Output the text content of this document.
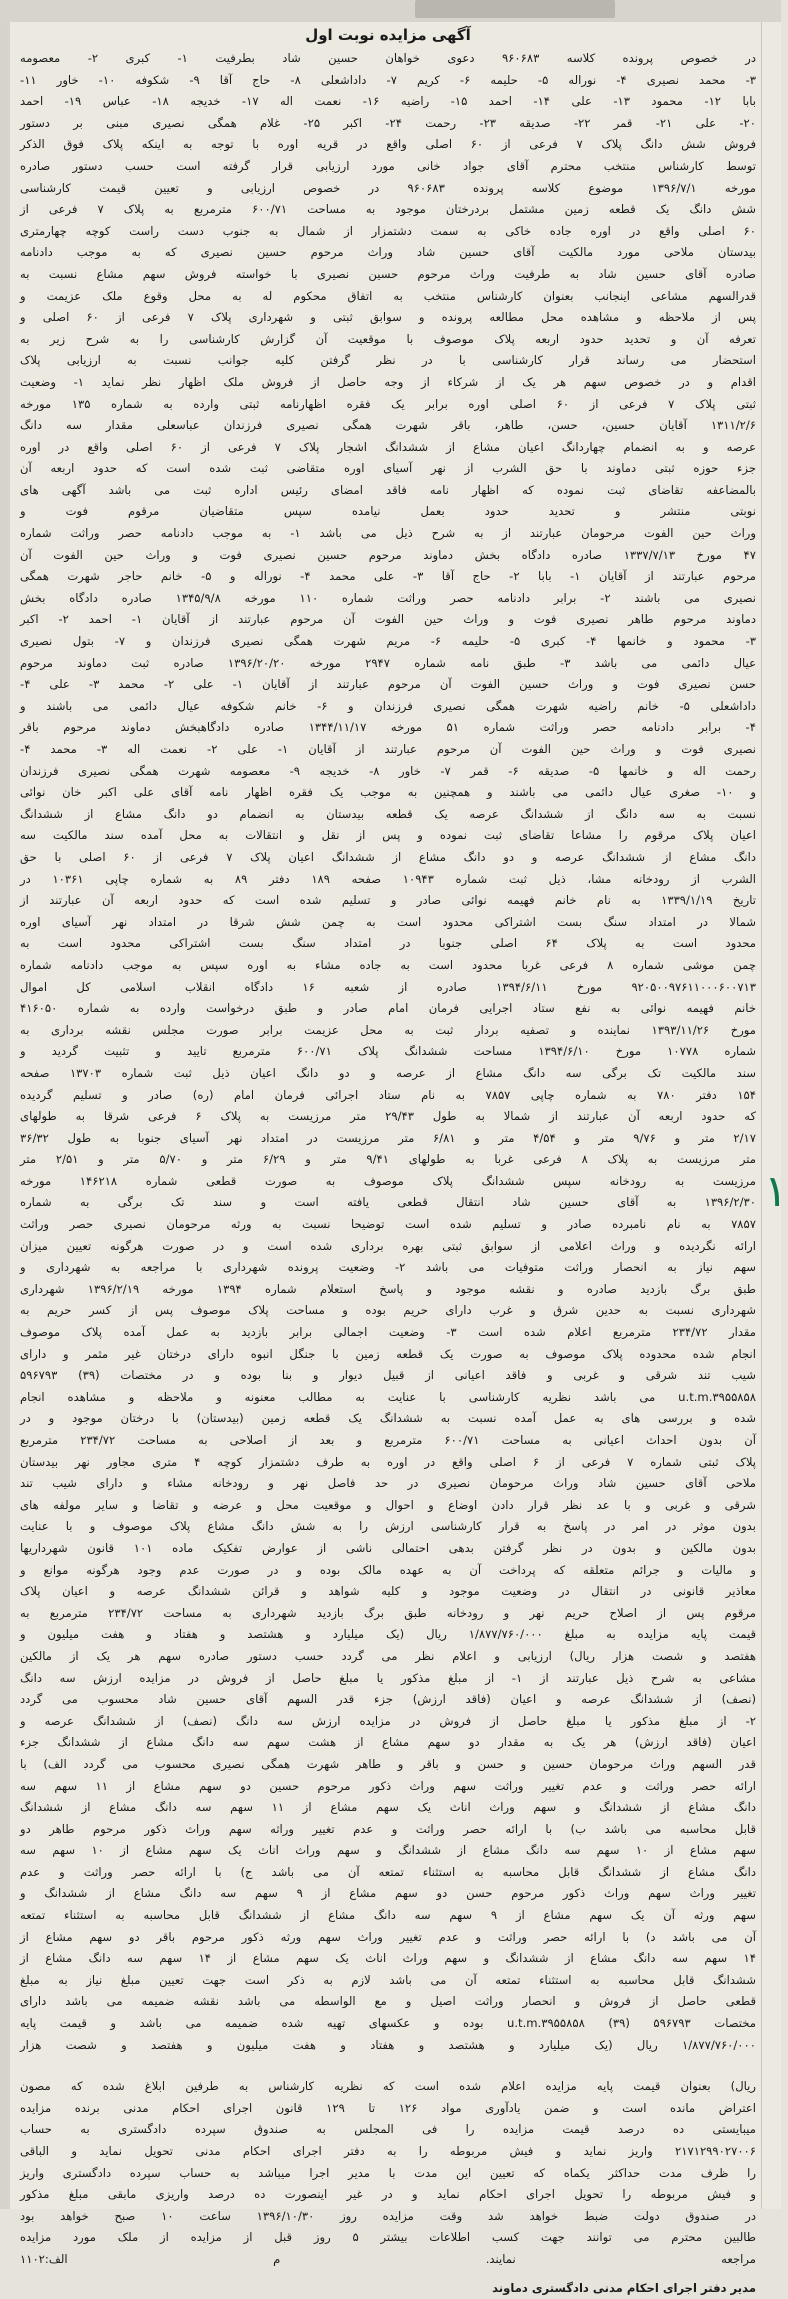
۱
آگهی مزایده نوبت اول
در خصوص پرونده کلاسه ۹۶۰۶۸۳ دعوی خواهان حسین شاد بطرفیت ۱- کبری ۲- معصومه
۳- محمد نصیری ۴- نوراله ۵- حلیمه ۶- کریم ۷- داداشعلی ۸- حاج آقا ۹- شکوفه ۱۰- خاور ۱۱-
بابا ۱۲- محمود ۱۳- علی ۱۴- احمد ۱۵- راضیه ۱۶- نعمت اله ۱۷- خدیجه ۱۸- عباس ۱۹- احمد
۲۰- علی ۲۱- قمر ۲۲- صدیقه ۲۳- رحمت ۲۴- اکبر ۲۵- غلام همگی نصیری مبنی بر دستور
فروش شش دانگ پلاک ۷ فرعی از ۶۰ اصلی واقع در قریه اوره با توجه به اینکه پلاک فوق الذکر
توسط کارشناس منتخب محترم آقای جواد خانی مورد ارزیابی قرار گرفته است حسب دستور صادره
مورخه ۱۳۹۶/۷/۱ موضوع کلاسه پرونده ۹۶۰۶۸۳ در خصوص ارزیابی و تعیین قیمت کارشناسی
شش دانگ یک قطعه زمین مشتمل بردرختان موجود به مساحت ۶۰۰/۷۱ مترمربع به پلاک ۷ فرعی از
۶۰ اصلی واقع در اوره جاده خاکی به سمت دشتمزار از شمال به جنوب دست راست کوچه چهارمتری
بیدستان ملاحی مورد مالکیت آقای حسین شاد وراث مرحوم حسین نصیری که به موجب دادنامه
صادره آقای حسین شاد به طرفیت وراث مرحوم حسین نصیری با خواسته فروش سهم مشاع نسبت به
قدرالسهم مشاعی اینجانب بعنوان کارشناس منتخب به اتفاق محکوم له به محل وقوع ملک عزیمت و
پس از ملاحظه و مشاهده محل مطالعه پرونده و سوابق ثبتی و شهرداری پلاک ۷ فرعی از ۶۰ اصلی و
تعرفه آن و تحدید حدود اربعه پلاک موصوف با موقعیت آن گزارش کارشناسی را به شرح زیر به
استحضار می رساند قرار کارشناسی با در نظر گرفتن کلیه جوانب نسبت به ارزیابی پلاک
اقدام و در خصوص سهم هر یک از شرکاء از وجه حاصل از فروش ملک اظهار نظر نماید ۱- وضعیت
ثبتی پلاک ۷ فرعی از ۶۰ اصلی اوره برابر یک فقره اظهارنامه ثبتی وارده به شماره ۱۳۵ مورخه
۱۳۱۱/۲/۶ آقایان حسین، حسن، طاهر، باقر شهرت همگی نصیری فرزندان عباسعلی مقدار سه دانگ
عرصه و به انضمام چهاردانگ اعیان مشاع از ششدانگ اشجار پلاک ۷ فرعی از ۶۰ اصلی واقع در اوره
جزء حوزه ثبتی دماوند با حق الشرب از نهر آسیای اوره متقاضی ثبت شده است که حدود اربعه آن
بالمضاعفه تقاضای ثبت نموده که اظهار نامه فاقد امضای رئیس اداره ثبت می باشد آگهی های
نوبتی منتشر و تحدید حدود بعمل نیامده سپس متقاضیان مرقوم فوت و
وراث حین الفوت مرحومان عبارتند از به شرح ذیل می باشد ۱- به موجب دادنامه حصر وراثت شماره
۴۷ مورخ ۱۳۳۷/۷/۱۳ صادره دادگاه بخش دماوند مرحوم حسین نصیری فوت و وراث حین الفوت آن
مرحوم عبارتند از آقایان ۱- بابا ۲- حاج آقا ۳- علی محمد ۴- نوراله و ۵- خانم حاجر شهرت همگی
نصیری می باشند ۲- برابر دادنامه حصر وراثت شماره ۱۱۰ مورخه ۱۳۴۵/۹/۸ صادره دادگاه بخش
دماوند مرحوم طاهر نصیری فوت و وراث حین الفوت آن مرحوم عبارتند از آقایان ۱- احمد ۲- اکبر
۳- محمود و خانمها ۴- کبری ۵- حلیمه ۶- مریم شهرت همگی نصیری فرزندان و ۷- بتول نصیری
عیال دائمی می باشد ۳- طبق نامه شماره ۲۹۴۷ مورخه ۱۳۹۶/۲۰/۲۰ صادره ثبت دماوند مرحوم
حسن نصیری فوت و وراث حسین الفوت آن مرحوم عبارتند از آقایان ۱- علی ۲- محمد ۳- علی ۴-
داداشعلی ۵- خانم راضیه شهرت همگی نصیری فرزندان و ۶- خانم شکوفه عیال دائمی می باشند و
۴- برابر دادنامه حصر وراثت شماره ۵۱ مورخه ۱۳۴۴/۱۱/۱۷ صادره دادگاهبخش دماوند مرحوم باقر
نصیری فوت و وراث حین الفوت آن مرحوم عبارتند از آقایان ۱- علی ۲- نعمت اله ۳- محمد ۴-
رحمت اله و خانمها ۵- صدیقه ۶- قمر ۷- خاور ۸- خدیجه ۹- معصومه شهرت همگی نصیری فرزندان
و ۱۰- صغری عیال دائمی می باشند و همچنین به موجب یک فقره اظهار نامه آقای علی اکبر خان نوائی
نسبت به سه دانگ از ششدانگ عرصه یک قطعه بیدستان به انضمام دو دانگ مشاع از ششدانگ
اعیان پلاک مرقوم را مشاعا تقاضای ثبت نموده و پس از نقل و انتقالات به محل آمده سند مالکیت سه
دانگ مشاع از ششدانگ عرصه و دو دانگ مشاع از ششدانگ اعیان پلاک ۷ فرعی از ۶۰ اصلی با حق
الشرب از رودخانه مشا، ذیل ثبت شماره ۱۰۹۴۳ صفحه ۱۸۹ دفتر ۸۹ به شماره چاپی ۱۰۳۶۱ در
تاریخ ۱۳۳۹/۱/۱۹ به نام خانم فهیمه نوائی صادر و تسلیم شده است که حدود اربعه آن عبارتند از
شمالا در امتداد سنگ بست اشتراکی محدود است به چمن شش شرقا در امتداد نهر آسیای اوره
محدود است به پلاک ۶۴ اصلی جنوبا در امتداد سنگ بست اشتراکی محدود است به
چمن موشی شماره ۸ فرعی غربا محدود است به جاده مشاء به اوره سپس به موجب دادنامه شماره
۹۲۰۵۰۰۹۷۶۱۱۰۰۰۶۰۰۷۱۳ مورخ ۱۳۹۴/۶/۱۱ صادره از شعبه ۱۶ دادگاه انقلاب اسلامی کل اموال
خانم فهیمه نوائی به نفع ستاد اجرایی فرمان امام صادر و طبق درخواست وارده به شماره ۴۱۶۰۵۰
مورخ ۱۳۹۳/۱۱/۲۶ نماینده و تصفیه بردار ثبت به محل عزیمت برابر صورت مجلس نقشه برداری به
شماره ۱۰۷۷۸ مورخ ۱۳۹۴/۶/۱۰ مساحت ششدانگ پلاک ۶۰۰/۷۱ مترمربع تایید و تثبیت گردید و
سند مالکیت تک برگی سه دانگ مشاع از عرصه و دو دانگ اعیان ذیل ثبت شماره ۱۳۷۰۳ صفحه
۱۵۴ دفتر ۷۸۰ به شماره چاپی ۷۸۵۷ به نام ستاد اجرائی فرمان امام (ره) صادر و تسلیم گردیده
که حدود اربعه آن عبارتند از شمالا به طول ۲۹/۴۳ متر مرزیست به پلاک ۶ فرعی شرقا به طولهای
۲/۱۷ متر و ۹/۷۶ متر و ۴/۵۴ متر و ۶/۸۱ متر مرزیست در امتداد نهر آسیای جنوبا به طول ۳۶/۳۲
متر مرزیست به پلاک ۸ فرعی غربا به طولهای ۹/۴۱ متر و ۶/۲۹ متر و ۵/۷۰ متر و ۲/۵۱ متر
مرزیست به رودخانه سپس ششدانگ پلاک موصوف به صورت قطعی شماره ۱۴۶۲۱۸ مورخه
۱۳۹۶/۲/۳۰ به آقای حسین شاد انتقال قطعی یافته است و سند تک برگی به شماره
۷۸۵۷ به نام نامبرده صادر و تسلیم شده است توضیحا نسبت به ورثه مرحومان نصیری حصر وراثت
ارائه نگردیده و وراث اعلامی از سوابق ثبتی بهره برداری شده است و در صورت هرگونه تعیین میزان
سهم نیاز به انحصار وراثت متوفیات می باشد ۲- وضعیت پرونده شهرداری با مراجعه به شهرداری و
طبق برگ بازدید صادره و نقشه موجود و پاسخ استعلام شماره ۱۳۹۴ مورخه ۱۳۹۶/۲/۱۹ شهرداری
شهرداری نسبت به حدین شرق و غرب دارای حریم بوده و مساحت پلاک موصوف پس از کسر حریم به
مقدار ۲۳۴/۷۲ مترمربع اعلام شده است ۳- وضعیت اجمالی برابر بازدید به عمل آمده پلاک موصوف
انجام شده محدوده پلاک موصوف به صورت یک قطعه زمین با جنگل انبوه دارای درختان غیر مثمر و دارای
شیب تند شرقی و غربی و فاقد اعیانی از قبیل دیوار و بنا بوده و در مختصات (۳۹) ۵۹۶۷۹۳
u.t.m.۳۹۵۵۸۵۸ می باشد نظریه کارشناسی با عنایت به مطالب معنونه و ملاحظه و مشاهده انجام
شده و بررسی های به عمل آمده نسبت به ششدانگ یک قطعه زمین (بیدستان) با درختان موجود و در
آن بدون احداث اعیانی به مساحت ۶۰۰/۷۱ مترمربع و بعد از اصلاحی به مساحت ۲۳۴/۷۲ مترمربع
پلاک ثبتی شماره ۷ فرعی از ۶ اصلی واقع در اوره به طرف دشتمزار کوچه ۴ متری مجاور نهر بیدستان
ملاحی آقای حسین شاد وراث مرحومان نصیری در حد فاصل نهر و رودخانه مشاء و دارای شیب تند
شرقی و غربی و با عد نظر قرار دادن اوضاع و احوال و موقعیت محل و عرضه و تقاضا و سایر مولفه های
بدون موثر در امر در پاسخ به قرار کارشناسی ارزش را به شش دانگ مشاع پلاک موصوف و با عنایت
بدون مالکین و بدون در نظر گرفتن بدهی احتمالی ناشی از عوارض تفکیک ماده ۱۰۱ قانون شهرداریها
و مالیات و جرائم متعلقه که پرداخت آن به عهده مالک بوده و در صورت عدم وجود هرگونه موانع و
معاذیر قانونی در انتقال در وضعیت موجود و کلیه شواهد و قرائن ششدانگ عرصه و اعیان پلاک
مرقوم پس از اصلاح حریم نهر و رودخانه طبق برگ بازدید شهرداری به مساحت ۲۳۴/۷۲ مترمربع به
قیمت پایه مزایده به مبلغ ۱/۸۷۷/۷۶۰/۰۰۰ ریال (یک میلیارد و هشتصد و هفتاد و هفت میلیون و
هفتصد و شصت هزار ریال) ارزیابی و اعلام نظر می گردد حسب دستور صادره سهم هر یک از مالکین
مشاعی به شرح ذیل عبارتند از ۱- از مبلغ مذکور یا مبلغ حاصل از فروش در مزایده ارزش سه دانگ
(نصف) از ششدانگ عرصه و اعیان (فاقد ارزش) جزء قدر السهم آقای حسین شاد محسوب می گردد
۲- از مبلغ مذکور یا مبلغ حاصل از فروش در مزایده ارزش سه دانگ (نصف) از ششدانگ عرصه و
اعیان (فاقد ارزش) هر یک به مقدار دو سهم مشاع از هشت سهم سه دانگ مشاع از ششدانگ جزء
قدر السهم وراث مرحومان حسین و حسن و باقر و طاهر شهرت همگی نصیری محسوب می گردد الف) با
ارائه حصر وراثت و عدم تغییر وراثت سهم وراث ذکور مرحوم حسین دو سهم مشاع از ۱۱ سهم سه
دانگ مشاع از ششدانگ و سهم وراث اناث یک سهم مشاع از ۱۱ سهم سه دانگ مشاع از ششدانگ
قابل محاسبه می باشد ب) با ارائه حصر وراثت و عدم تغییر وراثه سهم وراث ذکور مرحوم طاهر دو
سهم مشاع از ۱۰ سهم سه دانگ مشاع از ششدانگ و سهم وراث اناث یک سهم مشاع از ۱۰ سهم سه
دانگ مشاع از ششدانگ قابل محاسبه به استثناء تمتعه آن می باشد ج) با ارائه حصر وراثت و عدم
تغییر وراث سهم وراث ذکور مرحوم حسن دو سهم مشاع از ۹ سهم سه دانگ مشاع از ششدانگ و
سهم ورثه آن یک سهم مشاع از ۹ سهم سه دانگ مشاع از ششدانگ قابل محاسبه به استثناء تمتعه
آن می باشد د) با ارائه حصر وراثت و عدم تغییر وراث سهم ورثه ذکور مرحوم باقر دو سهم مشاع از
۱۴ سهم سه دانگ مشاع از ششدانگ و سهم وراث اناث یک سهم مشاع از ۱۴ سهم سه دانگ مشاع از
ششدانگ قابل محاسبه به استثناء تمتعه آن می باشد لازم به ذکر است جهت تعیین مبلغ نیاز به مبلغ
قطعی حاصل از فروش و انحصار وراثت اصیل و مع الواسطه می باشد نقشه ضمیمه می باشد دارای
مختصات u.t.m.۳۹۵۵۸۵۸ (۳۹) ۵۹۶۷۹۳ بوده و عکسهای تهیه شده ضمیمه می باشد و قیمت پایه
۱/۸۷۷/۷۶۰/۰۰۰ ریال (یک میلیارد و هشتصد و هفتاد و هفت میلیون و هفتصد و شصت هزار
ریال) بعنوان قیمت پایه مزایده اعلام شده است که نظریه کارشناس به طرفین ابلاغ شده که مصون
اعتراض مانده است و ضمن یادآوری مواد ۱۲۶ تا ۱۲۹ قانون اجرای احکام مدنی برنده مزایده
میبایستی ده درصد قیمت مزایده را فی المجلس به صندوق سپرده دادگستری به حساب
۲۱۷۱۲۹۹۰۲۷۰۰۶ واریز نماید و فیش مربوطه را به دفتر اجرای احکام مدنی تحویل نماید و الباقی
را ظرف مدت حداکثر یکماه که تعیین این مدت با مدیر اجرا میباشد به حساب سپرده دادگستری واریز
و فیش مربوطه را تحویل اجرای احکام نماید و در غیر اینصورت ده درصد واریزی مابقی مبلغ مذکور
در صندوق دولت ضبط خواهد شد وقت مزایده روز ۱۳۹۶/۱۰/۳۰ ساعت ۱۰ صبح خواهد بود
طالبین محترم می توانند جهت کسب اطلاعات بیشتر ۵ روز قبل از مزایده از ملک مورد مزایده
مراجعه نمایند. م الف:۱۱۰۲
مدیر دفتر اجرای احکام مدنی دادگستری دماوند
